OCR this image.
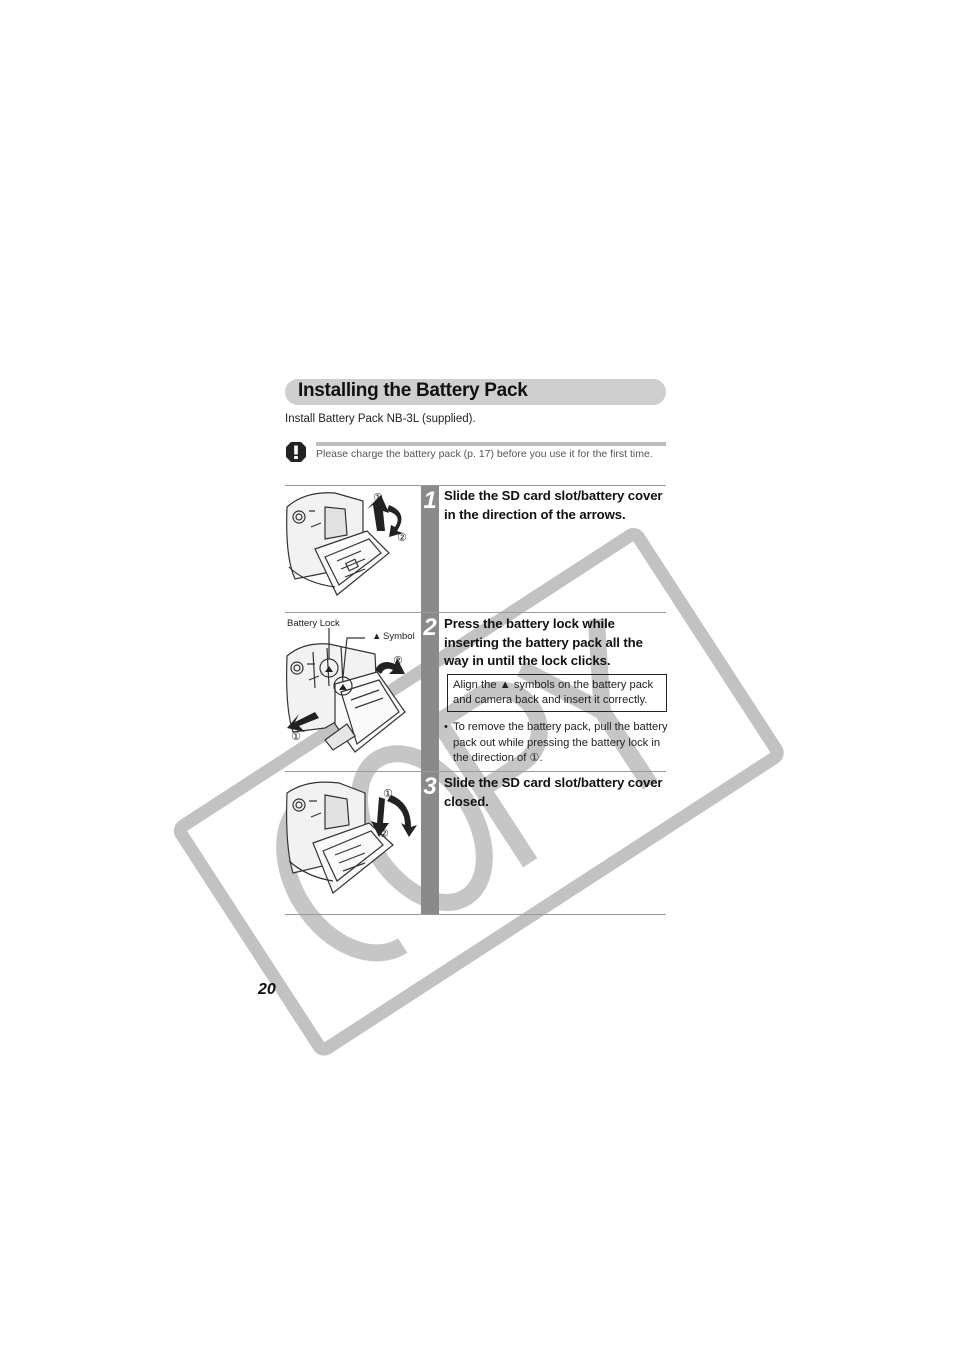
Installing the Battery Pack
Install Battery Pack NB-3L (supplied).
Please charge the battery pack (p. 17) before you use it for the first time.
1
2
3
Slide the SD card slot/battery cover in the direction of the arrows.
Press the battery lock while inserting the battery pack all the way in until the lock clicks.
Slide the SD card slot/battery cover closed.
①
②
Battery Lock
▲ Symbol
②
①
Align the ▲ symbols on the battery pack and camera back and insert it correctly.
• To remove the battery pack, pull the battery pack out while pressing the battery lock in the direction of ①.
①
②
20
